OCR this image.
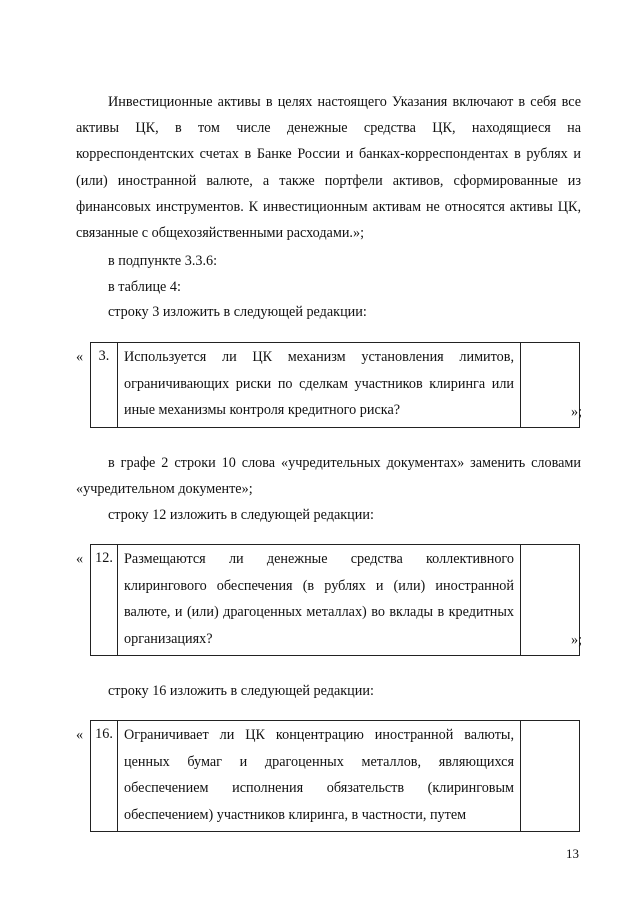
Инвестиционные активы в целях настоящего Указания включают в себя все активы ЦК, в том числе денежные средства ЦК, находящиеся на корреспондентских счетах в Банке России и банках-корреспондентах в рублях и (или) иностранной валюте, а также портфели активов, сформированные из финансовых инструментов. К инвестиционным активам не относятся активы ЦК, связанные с общехозяйственными расходами.»;

в подпункте 3.3.6:
в таблице 4:
строку 3 изложить в следующей редакции:
« 3.	Используется ли ЦК механизм установления лимитов, ограничивающих риски по сделкам участников клиринга или иные механизмы контроля кредитного риска?		»;

в графе 2 строки 10 слова «учредительных документах» заменить словами «учредительном документе»;

строку 12 изложить в следующей редакции:
« 12.	Размещаются ли денежные средства коллективного клирингового обеспечения (в рублях и (или) иностранной валюте, и (или) драгоценных металлах) во вклады в кредитных организациях?		»;
строку 16 изложить в следующей редакции:
« 16.	Ограничивает ли ЦК концентрацию иностранной валюты, ценных бумаг и драгоценных металлов, являющихся обеспечением исполнения обязательств (клиринговым обеспечением) участников клиринга, в частности, путем	
13
